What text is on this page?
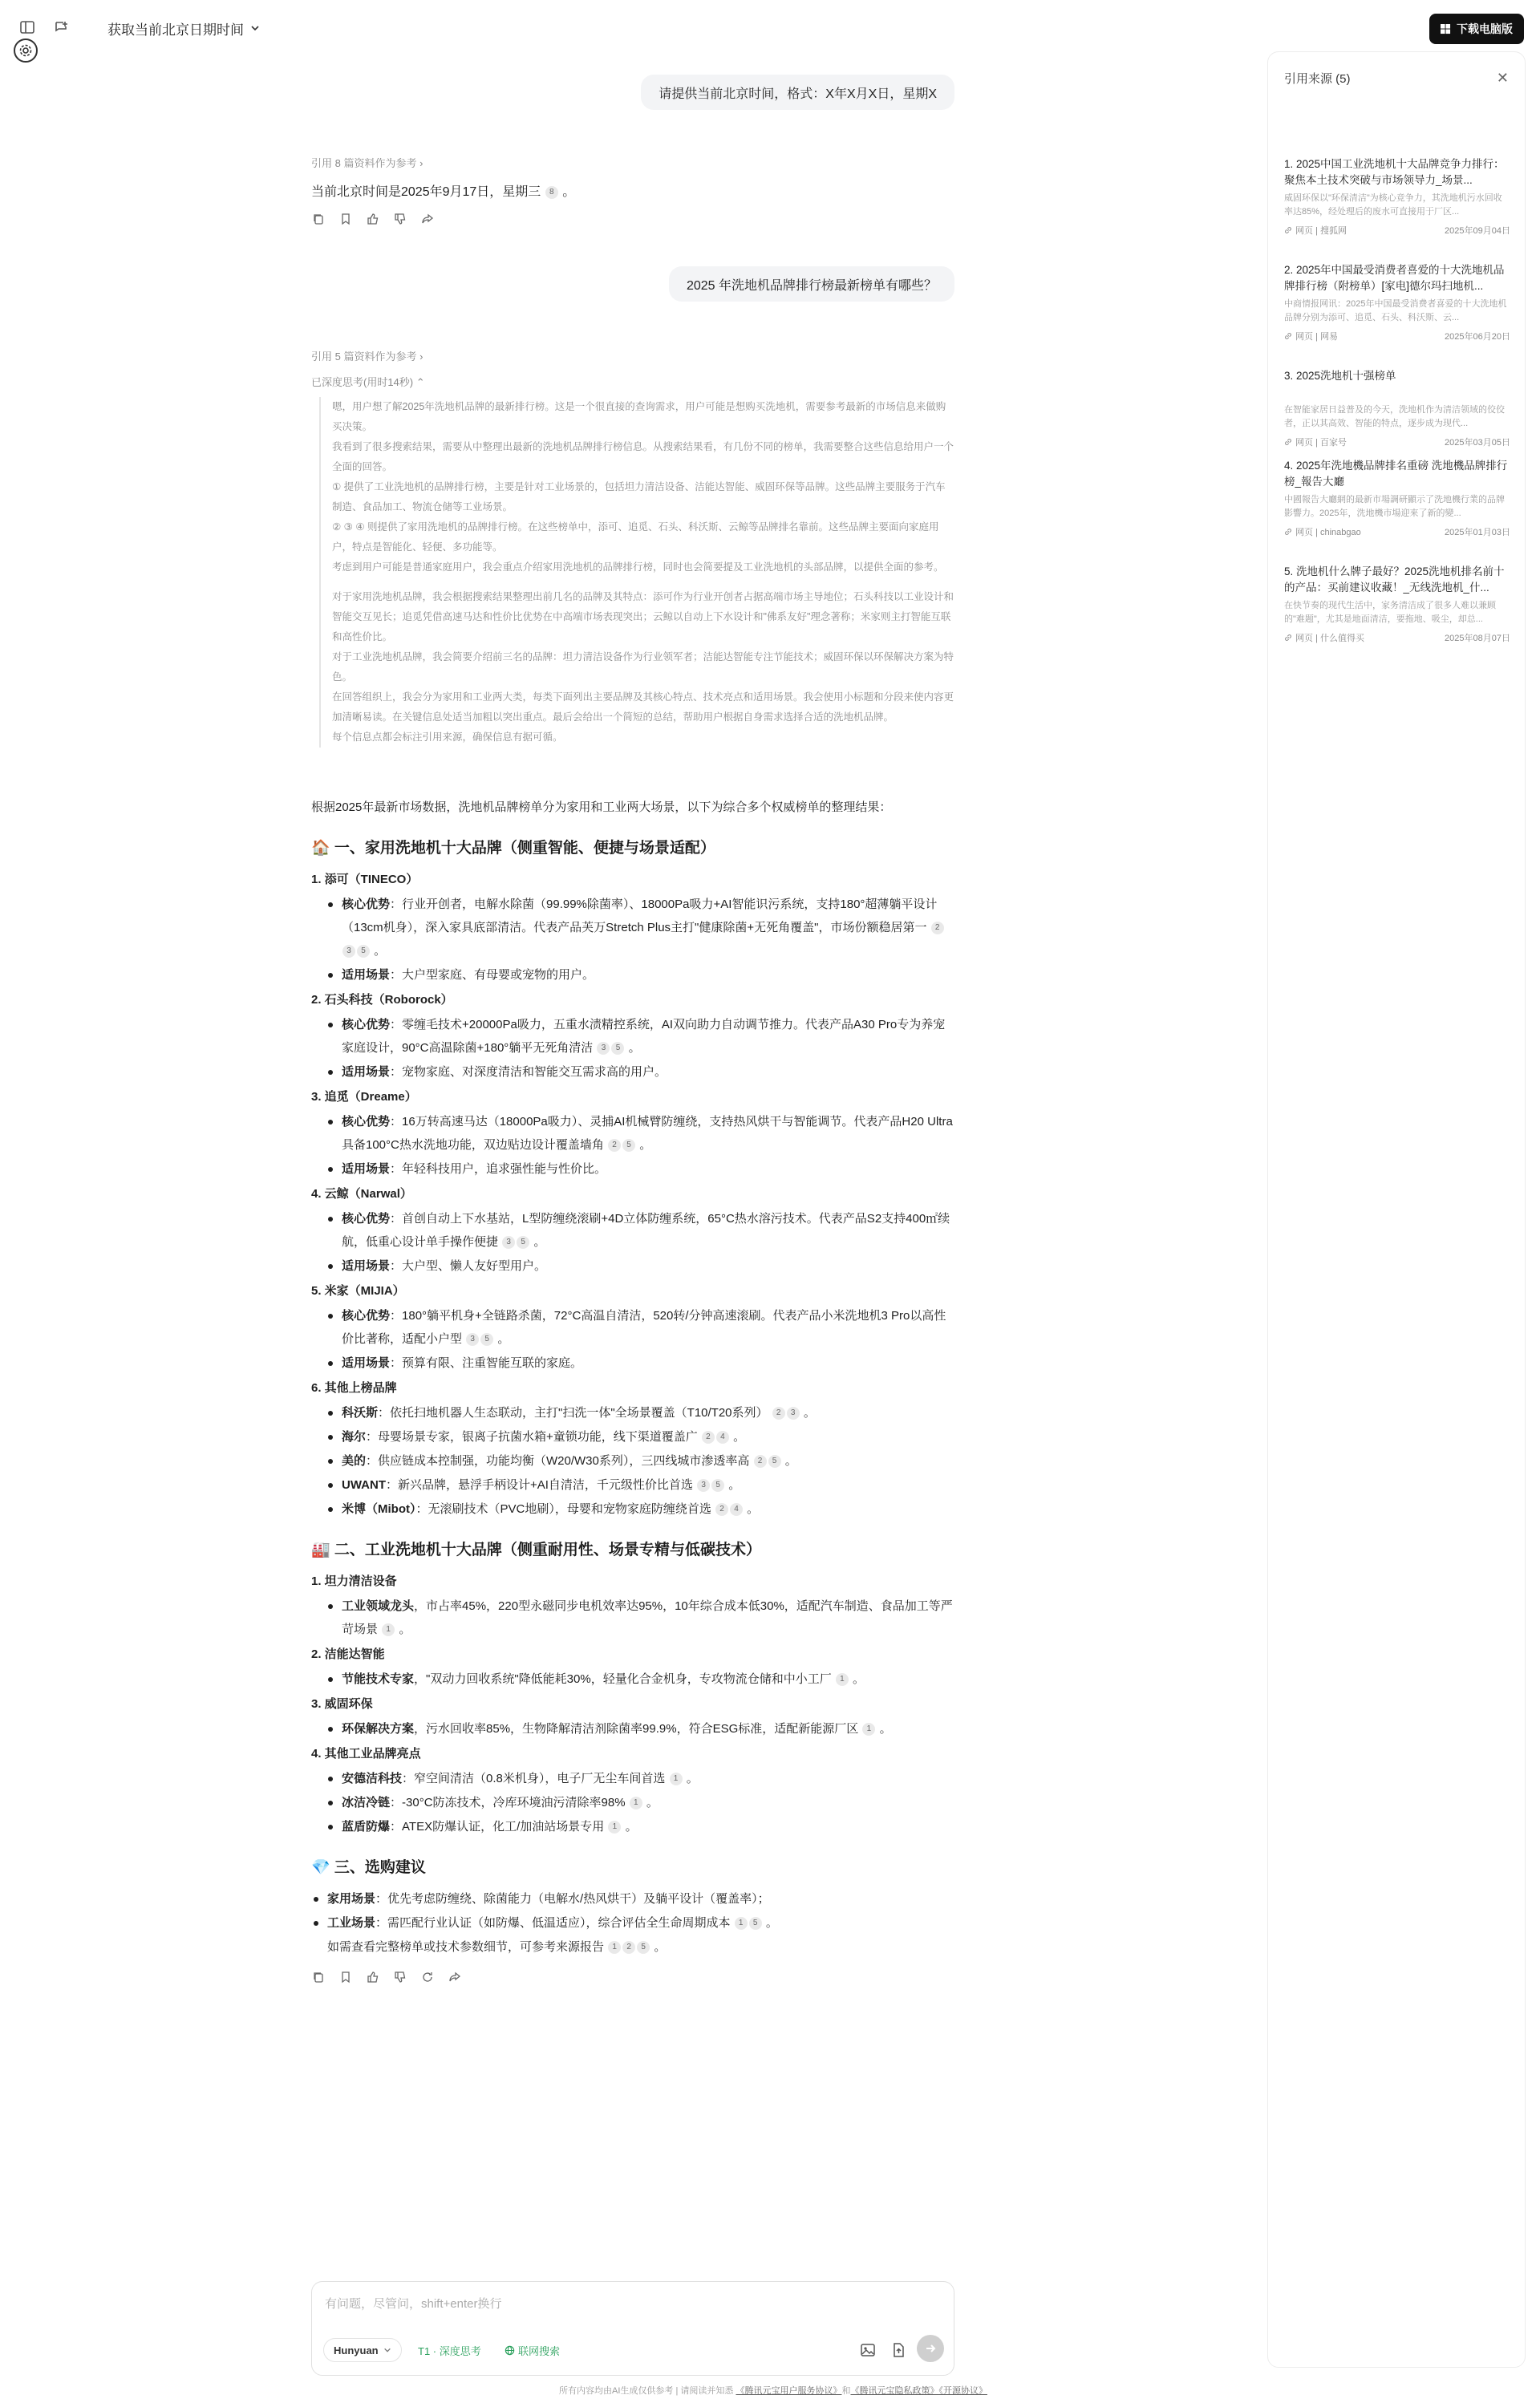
获取当前北京日期时间	下载电脑版
请提供当前北京时间，格式：X年X月X日，星期X
引用 8 篇资料作为参考 ›
当前北京时间是2025年9月17日，星期三 8 。
2025 年洗地机品牌排行榜最新榜单有哪些？
引用 5 篇资料作为参考 ›
已深度思考(用时14秒) ⌃

嗯，用户想了解2025年洗地机品牌的最新排行榜。这是一个很直接的查询需求，用户可能是想购买洗地机，需要参考最新的市场信息来做购买决策。

我看到了很多搜索结果，需要从中整理出最新的洗地机品牌排行榜信息。从搜索结果看，有几份不同的榜单，我需要整合这些信息给用户一个全面的回答。

① 提供了工业洗地机的品牌排行榜，主要是针对工业场景的，包括坦力清洁设备、洁能达智能、威固环保等品牌。这些品牌主要服务于汽车制造、食品加工、物流仓储等工业场景。

② ③ ④ 则提供了家用洗地机的品牌排行榜。在这些榜单中，添可、追觅、石头、科沃斯、云鲸等品牌排名靠前。这些品牌主要面向家庭用户，特点是智能化、轻便、多功能等。

考虑到用户可能是普通家庭用户，我会重点介绍家用洗地机的品牌排行榜，同时也会简要提及工业洗地机的头部品牌，以提供全面的参考。

对于家用洗地机品牌，我会根据搜索结果整理出前几名的品牌及其特点：添可作为行业开创者占据高端市场主导地位；石头科技以工业设计和智能交互见长；追觅凭借高速马达和性价比优势在中高端市场表现突出；云鲸以自动上下水设计和"佛系友好"理念著称；米家则主打智能互联和高性价比。

对于工业洗地机品牌，我会简要介绍前三名的品牌：坦力清洁设备作为行业领军者；洁能达智能专注节能技术；威固环保以环保解决方案为特色。

在回答组织上，我会分为家用和工业两大类，每类下面列出主要品牌及其核心特点、技术亮点和适用场景。我会使用小标题和分段来使内容更加清晰易读。在关键信息处适当加粗以突出重点。最后会给出一个简短的总结，帮助用户根据自身需求选择合适的洗地机品牌。

每个信息点都会标注引用来源，确保信息有据可循。

根据2025年最新市场数据，洗地机品牌榜单分为家用和工业两大场景，以下为综合多个权威榜单的整理结果：
🏠 一、家用洗地机十大品牌（侧重智能、便捷与场景适配）
1. 添可（TINECO）
核心优势：行业开创者，电解水除菌（99.99%除菌率）、18000Pa吸力+AI智能识污系统，支持180°超薄躺平设计（13cm机身），深入家具底部清洁。代表产品芙万Stretch Plus主打"健康除菌+无死角覆盖"，市场份额稳居第一 23 5 。
适用场景：大户型家庭、有母婴或宠物的用户。
2. 石头科技（Roborock）
核心优势：零缠毛技术+20000Pa吸力，五重水渍精控系统，AI双向助力自动调节推力。代表产品A30 Pro专为养宠家庭设计，90°C高温除菌+180°躺平无死角清洁 3 5 。
适用场景：宠物家庭、对深度清洁和智能交互需求高的用户。
3. 追觅（Dreame）
核心优势：16万转高速马达（18000Pa吸力）、灵捕AI机械臂防缠绕，支持热风烘干与智能调节。代表产品H20 Ultra具备100°C热水洗地功能，双边贴边设计覆盖墙角 2 5 。
适用场景：年轻科技用户，追求强性能与性价比。
4. 云鲸（Narwal）
核心优势：首创自动上下水基站，L型防缠绕滚刷+4D立体防缠系统，65°C热水溶污技术。代表产品S2支持400㎡续航，低重心设计单手操作便捷 3 5 。
适用场景：大户型、懒人友好型用户。
5. 米家（MIJIA）
核心优势：180°躺平机身+全链路杀菌，72°C高温自清洁，520转/分钟高速滚刷。代表产品小米洗地机3 Pro以高性价比著称，适配小户型 3 5 。
适用场景：预算有限、注重智能互联的家庭。
6. 其他上榜品牌
科沃斯：依托扫地机器人生态联动，主打"扫洗一体"全场景覆盖（T10/T20系列） 2 3 。
海尔：母婴场景专家，银离子抗菌水箱+童锁功能，线下渠道覆盖广 2 4 。
美的：供应链成本控制强，功能均衡（W20/W30系列），三四线城市渗透率高 2 5 。
UWANT：新兴品牌，悬浮手柄设计+AI自清洁，千元级性价比首选 3 5 。
米博（Mibot）：无滚刷技术（PVC地刷），母婴和宠物家庭防缠绕首选 2 4 。
🏭 二、工业洗地机十大品牌（侧重耐用性、场景专精与低碳技术）
1. 坦力清洁设备
工业领域龙头，市占率45%，220型永磁同步电机效率达95%，10年综合成本低30%，适配汽车制造、食品加工等严苛场景 1 。
2. 洁能达智能
节能技术专家，"双动力回收系统"降低能耗30%，轻量化合金机身，专攻物流仓储和中小工厂 1 。
3. 威固环保
环保解决方案，污水回收率85%，生物降解清洁剂除菌率99.9%，符合ESG标准，适配新能源厂区 1 。
4. 其他工业品牌亮点
安德洁科技：窄空间清洁（0.8米机身），电子厂无尘车间首选 1 。
冰洁冷链：-30°C防冻技术，冷库环境油污清除率98% 1 。
蓝盾防爆：ATEX防爆认证，化工/加油站场景专用 1 。
💎 三、选购建议
家用场景：优先考虑防缠绕、除菌能力（电解水/热风烘干）及躺平设计（覆盖率）；
工业场景：需匹配行业认证（如防爆、低温适应），综合评估全生命周期成本 1 5 。
如需查看完整榜单或技术参数细节，可参考来源报告 1 2 5 。
引用来源 (5)	✕
1. 2025中国工业洗地机十大品牌竞争力排行：聚焦本土技术突破与市场领导力_场景...
威固环保以"环保清洁"为核心竞争力，其洗地机污水回收率达85%，经处理后的废水可直接用于厂区...
网页 | 搜狐网	2025年09月04日
2. 2025年中国最受消费者喜爱的十大洗地机品牌排行榜（附榜单）[家电]德尔玛扫地机...
中商情报网讯：2025年中国最受消费者喜爱的十大洗地机品牌分别为添可、追觅、石头、科沃斯、云...
网页 | 网易	2025年06月20日
3. 2025洗地机十强榜单
在智能家居日益普及的今天，洗地机作为清洁领域的佼佼者，正以其高效、智能的特点，逐步成为现代...
网页 | 百家号	2025年03月05日
4. 2025年洗地機品牌排名重磅 洗地機品牌排行榜_報告大廳
中國報告大廳網的最新市場調研顯示了洗地機行業的品牌影響力。2025年，洗地機市場迎來了新的變...
网页 | chinabgao	2025年01月03日
5. 洗地机什么牌子最好？2025洗地机排名前十的产品：买前建议收藏！_无线洗地机_什...
在快节奏的现代生活中，家务清洁成了很多人难以兼顾的"难题"，尤其是地面清洁，要拖地、吸尘，却总...
网页 | 什么值得买	2025年08月07日
有问题，尽管问，shift+enter换行
Hunyuan	T1 · 深度思考	联网搜索
所有内容均由AI生成仅供参考 | 请阅读并知悉 《腾讯元宝用户服务协议》和《腾讯元宝隐私政策》《开源协议》
